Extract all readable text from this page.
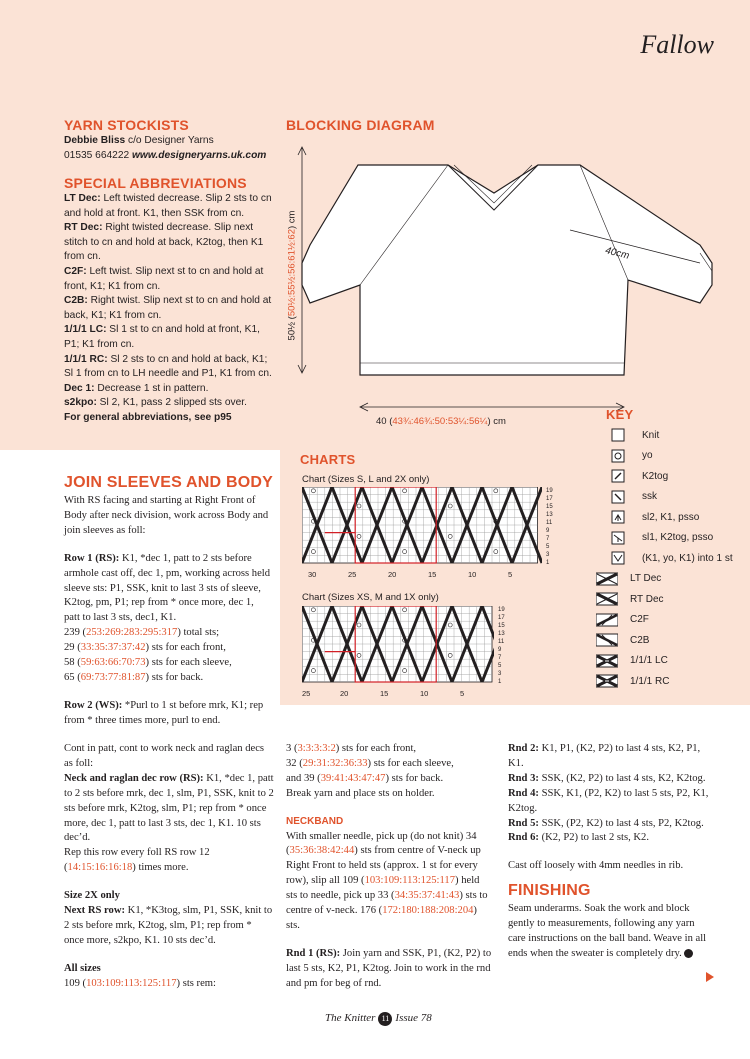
Fallow
YARN STOCKISTS

Debbie Bliss c/o Designer Yarns

01535 664222 www.designeryarns.uk.com

SPECIAL ABBREVIATIONS

LT Dec: Left twisted decrease. Slip 2 sts to cn and hold at front. K1, then SSK from cn.

RT Dec: Right twisted decrease. Slip next stitch to cn and hold at back, K2tog, then K1 from cn.

C2F: Left twist. Slip next st to cn and hold at front, K1; K1 from cn.

C2B: Right twist. Slip next st to cn and hold at back, K1; K1 from cn.

1/1/1 LC: Sl 1 st to cn and hold at front, K1, P1; K1 from cn.

1/1/1 RC: Sl 2 sts to cn and hold at back, K1; Sl 1 from cn to LH needle and P1, K1 from cn.

Dec 1: Decrease 1 st in pattern.

s2kpo: Sl 2, K1, pass 2 slipped sts over.

For general abbreviations, see p95

BLOCKING DIAGRAM
40cm
40 (43¾:46¾:50:53¼:56¼) cm
50½ (50½:55½:56:61½:62) cm
CHARTS
Chart (Sizes S, L and 2X only)
30	25	20	15	10	5
19
17
15
13
11
9
7
5
3
1
Chart (Sizes XS, M and 1X only)
25	20	15	10	5
19
17
15
13
11
9
7
5
3
1
KEY
Knit
yo
K2tog
ssk
sl2, K1, psso
sl1, K2tog, psso
(K1, yo, K1) into 1 st
LT Dec
RT Dec
C2F
C2B
1/1/1 LC
1/1/1 RC
JOIN SLEEVES AND BODY

With RS facing and starting at Right Front of Body after neck division, work across Body and join sleeves as foll:

Row 1 (RS): K1, *dec 1, patt to 2 sts before armhole cast off, dec 1, pm, working across held sleeve sts: P1, SSK, knit to last 3 sts of sleeve, K2tog, pm, P1; rep from * once more, dec 1, patt to last 3 sts, dec1, K1.
239 (253:269:283:295:317) total sts;
29 (33:35:37:37:42) sts for each front,
58 (59:63:66:70:73) sts for each sleeve,
65 (69:73:77:81:87) sts for back.

Row 2 (WS): *Purl to 1 st before mrk, K1; rep from * three times more, purl to end.

Cont in patt, cont to work neck and raglan decs as foll:

Neck and raglan dec row (RS): K1, *dec 1, patt to 2 sts before mrk, dec 1, slm, P1, SSK, knit to 2 sts before mrk, K2tog, slm, P1; rep from * once more, dec 1, patt to last 3 sts, dec 1, K1. 10 sts dec’d.
Rep this row every foll RS row 12 (14:15:16:16:18) times more.

Size 2X only

Next RS row: K1, *K3tog, slm, P1, SSK, knit to 2 sts before mrk, K2tog, slm, P1; rep from * once more, s2kpo, K1. 10 sts dec’d.

All sizes

109 (103:109:113:125:117) sts rem:

3 (3:3:3:3:2) sts for each front,
32 (29:31:32:36:33) sts for each sleeve,
and 39 (39:41:43:47:47) sts for back.
Break yarn and place sts on holder.

NECKBAND

With smaller needle, pick up (do not knit) 34 (35:36:38:42:44) sts from centre of V-neck up Right Front to held sts (approx. 1 st for every row), slip all 109 (103:109:113:125:117) held sts to needle, pick up 33 (34:35:37:41:43) sts to centre of v-neck. 176 (172:180:188:208:204) sts.

Rnd 1 (RS): Join yarn and SSK, P1, (K2, P2) to last 5 sts, K2, P1, K2tog. Join to work in the rnd and pm for beg of rnd.

Rnd 2: K1, P1, (K2, P2) to last 4 sts, K2, P1, K1.
Rnd 3: SSK, (K2, P2) to last 4 sts, K2, K2tog.
Rnd 4: SSK, K1, (P2, K2) to last 5 sts, P2, K1, K2tog.
Rnd 5: SSK, (P2, K2) to last 4 sts, P2, K2tog.
Rnd 6: (K2, P2) to last 2 sts, K2.

Cast off loosely with 4mm needles in rib.

FINISHING
Seam underarms. Soak the work and block gently to measurements, following any yarn care instructions on the ball band. Weave in all ends when the sweater is completely dry.
The Knitter 11 Issue 78
